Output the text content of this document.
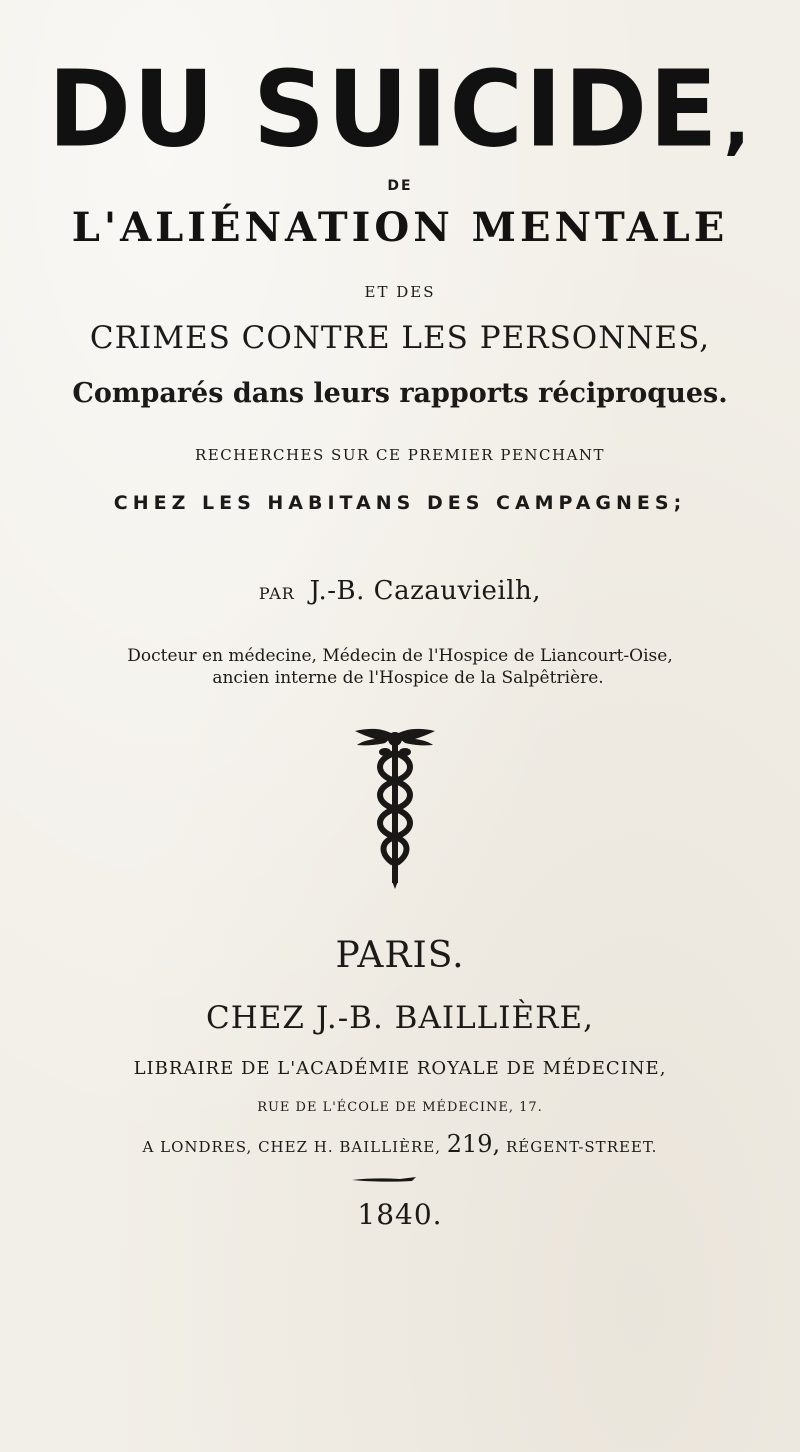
DU SUICIDE,
DE
L'ALIÉNATION MENTALE
ET DES
CRIMES CONTRE LES PERSONNES,
Comparés dans leurs rapports réciproques.
RECHERCHES SUR CE PREMIER PENCHANT
CHEZ LES HABITANS DES CAMPAGNES;
PAR J.-B. Cazauvieilh,
Docteur en médecine, Médecin de l'Hospice de Liancourt-Oise,
ancien interne de l'Hospice de la Salpêtrière.
PARIS.
CHEZ J.-B. BAILLIÈRE,
LIBRAIRE DE L'ACADÉMIE ROYALE DE MÉDECINE,
RUE DE L'ÉCOLE DE MÉDECINE, 17.
A LONDRES, CHEZ H. BAILLIÈRE, 219, RÉGENT-STREET.
1840.
